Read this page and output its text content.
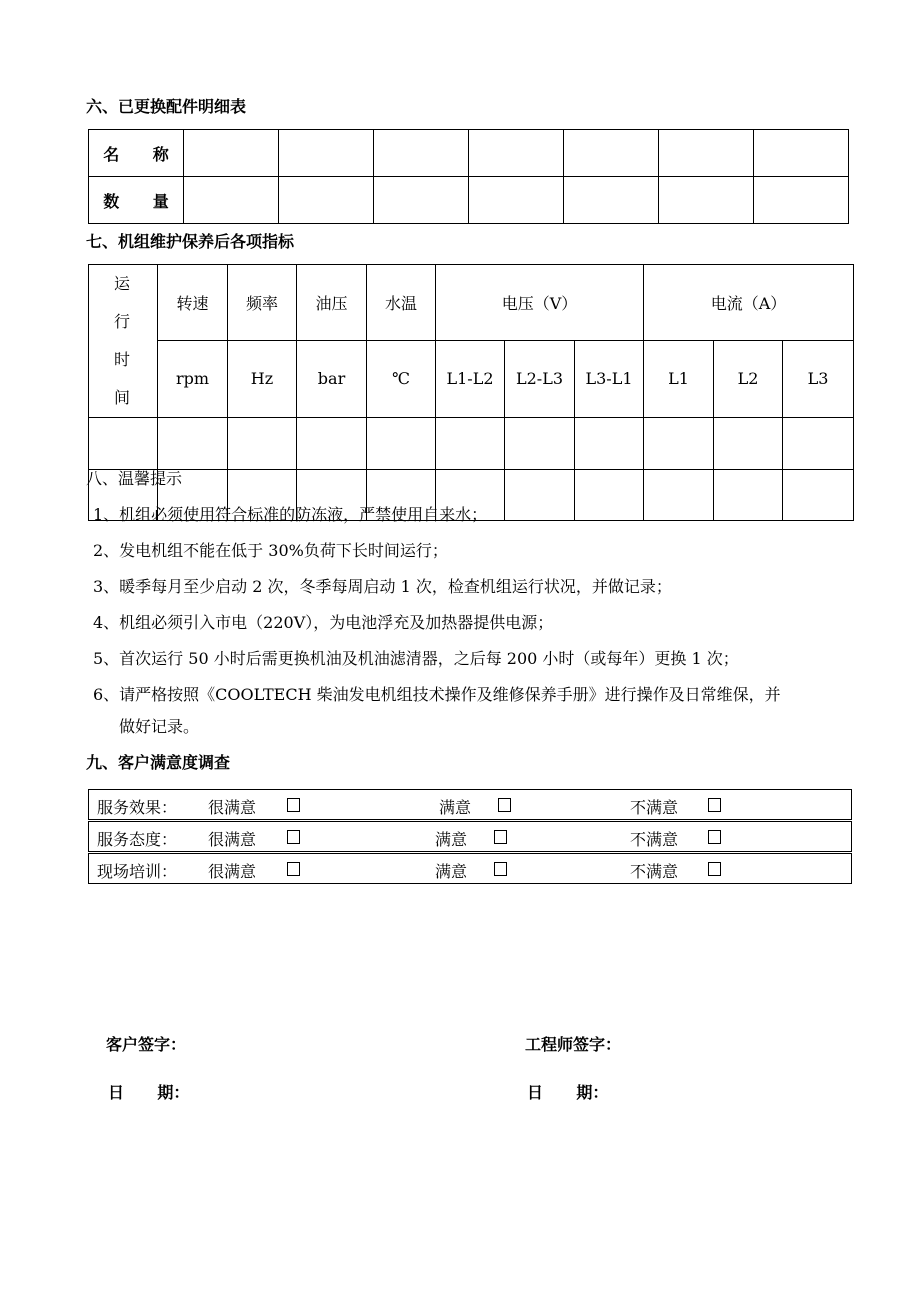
六、已更换配件明细表
名 称							
数 量							
七、机组维护保养后各项指标
运 行 时 间	转速	频率	油压	水温	电压（V）			电流（A）		
	rpm	Hz	bar	℃	L1-L2	L2-L3	L3-L1	L1	L2	L3

八、温馨提示
1、机组必须使用符合标准的防冻液，严禁使用自来水；
2、发电机组不能在低于 30%负荷下长时间运行；
3、暖季每月至少启动 2 次，冬季每周启动 1 次，检查机组运行状况，并做记录；
4、机组必须引入市电（220V），为电池浮充及加热器提供电源；
5、首次运行 50 小时后需更换机油及机油滤清器，之后每 200 小时（或每年）更换 1 次；
6、请严格按照《COOLTECH 柴油发电机组技术操作及维修保养手册》进行操作及日常维保，并
做好记录。
九、客户满意度调查
服务效果： 很满意	满意	不满意
服务态度： 很满意	满意	不满意
现场培训： 很满意	满意	不满意
客户签字：	工程师签字：
日      期：	日      期：
